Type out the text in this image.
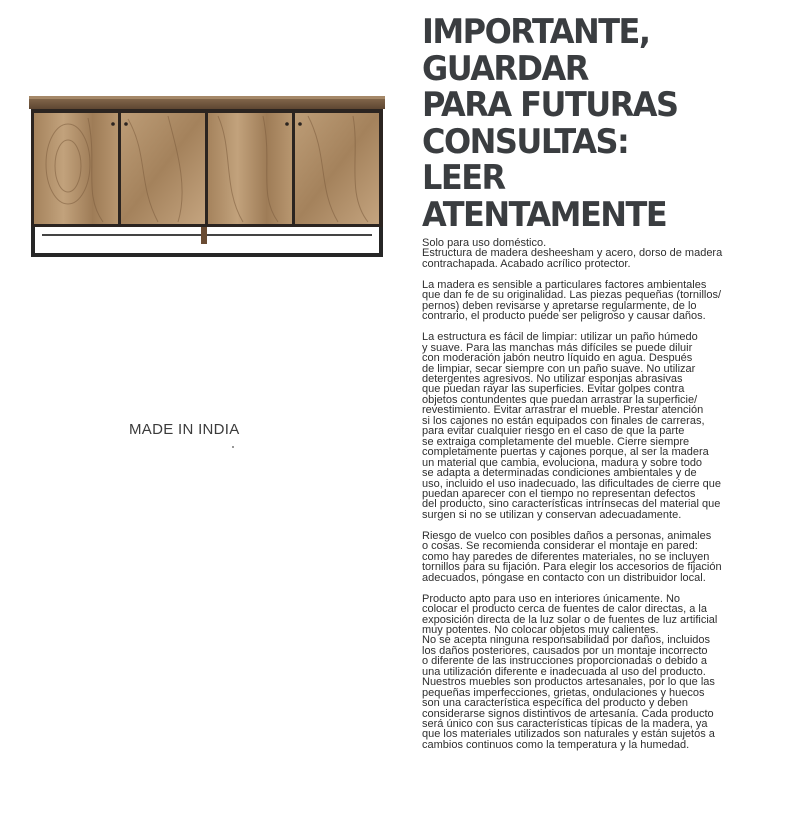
MADE IN INDIA
IMPORTANTE,
GUARDAR
PARA FUTURAS
CONSULTAS:
LEER
ATENTAMENTE

Solo para uso doméstico.
Estructura de madera desheesham y acero, dorso de madera
contrachapada. Acabado acrílico protector.

La madera es sensible a particulares factores ambientales
que dan fe de su originalidad. Las piezas pequeñas (tornillos/
pernos) deben revisarse y apretarse regularmente, de lo
contrario, el producto puede ser peligroso y causar daños.

La estructura es fácil de limpiar: utilizar un paño húmedo
y suave. Para las manchas más difíciles se puede diluir
con moderación jabón neutro líquido en agua. Después
de limpiar, secar siempre con un paño suave. No utilizar
detergentes agresivos. No utilizar esponjas abrasivas
que puedan rayar las superficies. Evitar golpes contra
objetos contundentes que puedan arrastrar la superficie/
revestimiento. Evitar arrastrar el mueble. Prestar atención
si los cajones no están equipados con finales de carreras,
para evitar cualquier riesgo en el caso de que la parte
se extraiga completamente del mueble. Cierre siempre
completamente puertas y cajones porque, al ser la madera
un material que cambia, evoluciona, madura y sobre todo
se adapta a determinadas condiciones ambientales y de
uso, incluido el uso inadecuado, las dificultades de cierre que
puedan aparecer con el tiempo no representan defectos
del producto, sino características intrínsecas del material que
surgen si no se utilizan y conservan adecuadamente.

Riesgo de vuelco con posibles daños a personas, animales
o cosas. Se recomienda considerar el montaje en pared:
como hay paredes de diferentes materiales, no se incluyen
tornillos para su fijación. Para elegir los accesorios de fijación
adecuados, póngase en contacto con un distribuidor local.

Producto apto para uso en interiores únicamente. No
colocar el producto cerca de fuentes de calor directas, a la
exposición directa de la luz solar o de fuentes de luz artificial
muy potentes. No colocar objetos muy calientes.
No se acepta ninguna responsabilidad por daños, incluidos
los daños posteriores, causados por un montaje incorrecto
o diferente de las instrucciones proporcionadas o debido a
una utilización diferente e inadecuada al uso del producto.
Nuestros muebles son productos artesanales, por lo que las
pequeñas imperfecciones, grietas, ondulaciones y huecos
son una característica específica del producto y deben
considerarse signos distintivos de artesanía. Cada producto
será único con sus características típicas de la madera, ya
que los materiales utilizados son naturales y están sujetos a
cambios continuos como la temperatura y la humedad.
